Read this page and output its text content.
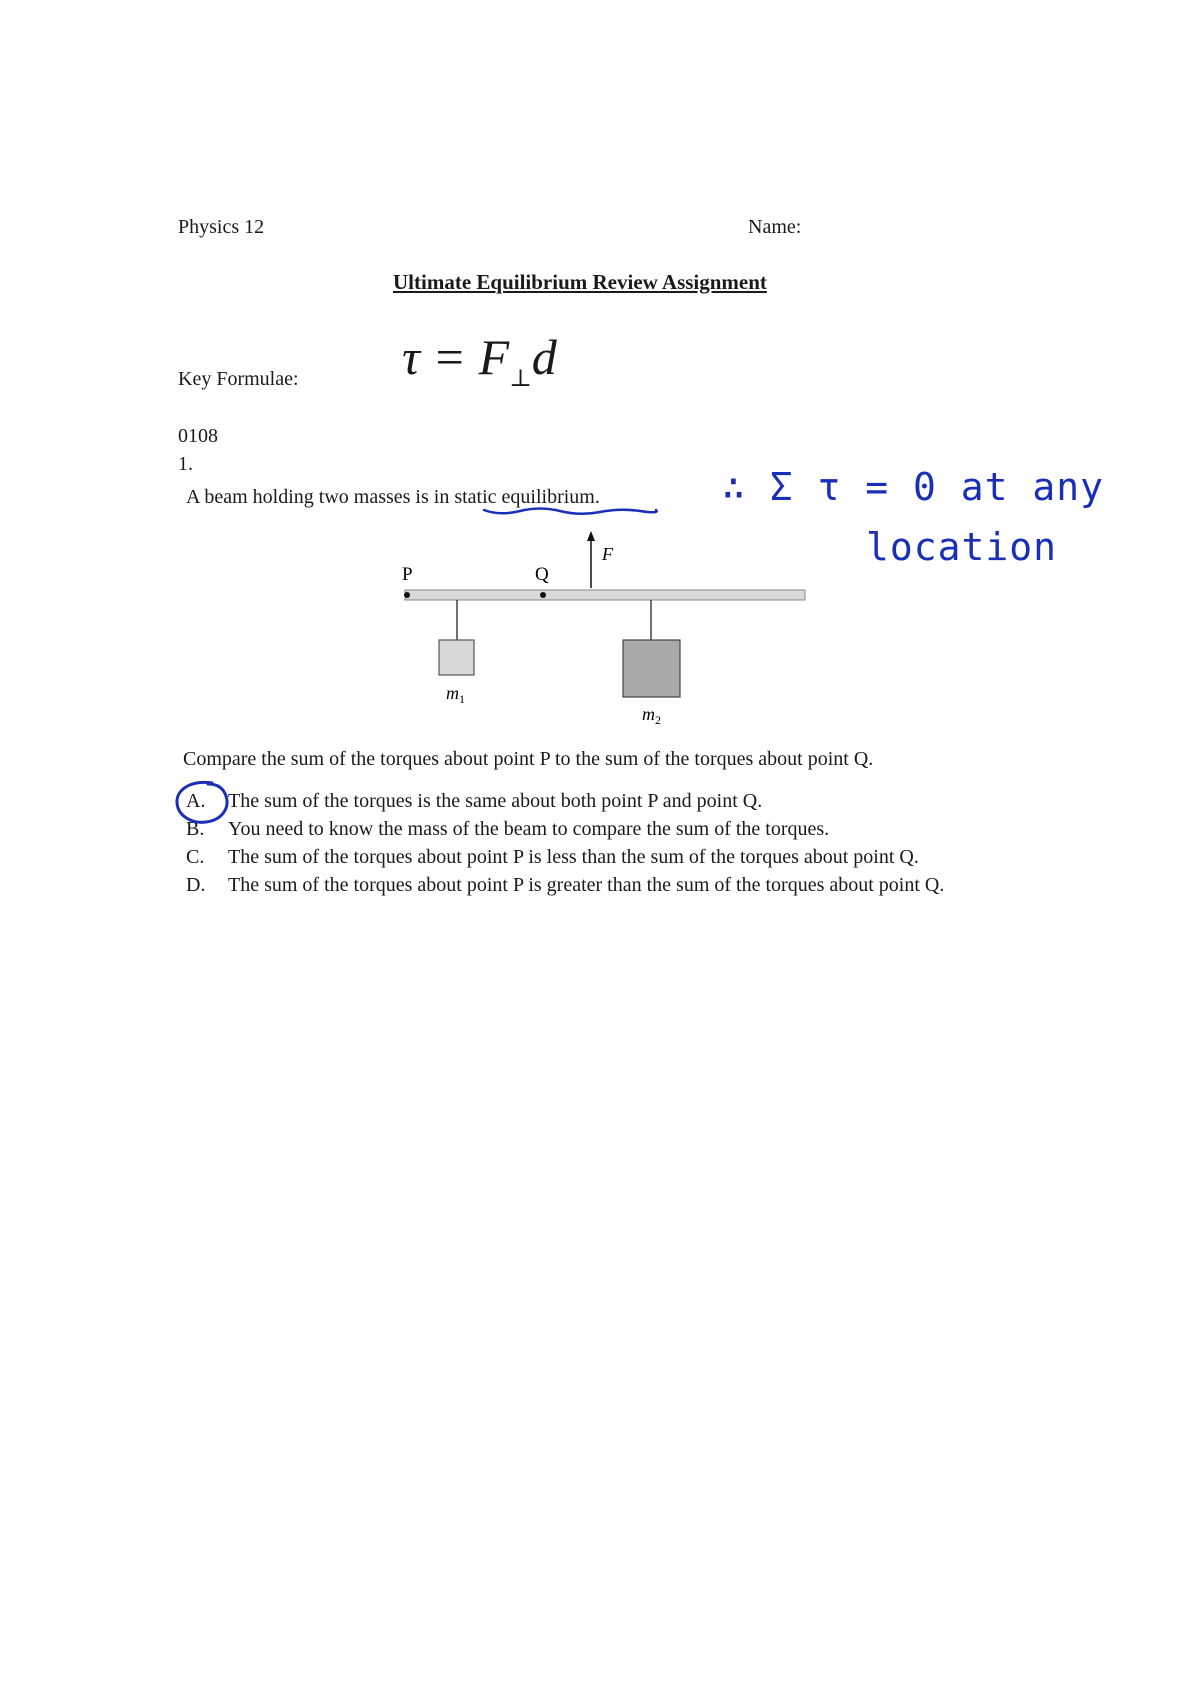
Physics 12	Name:
Ultimate Equilibrium Review Assignment
Key Formulae: $\tau = F_\perp d$
0108
1.
A beam holding two masses is in static equilibrium.	∴ Σ τ = 0 at any
location
P	Q
F
$m_1$
$m_2$
Compare the sum of the torques about point P to the sum of the torques about point Q.
A. The sum of the torques is the same about both point P and point Q.
B. You need to know the mass of the beam to compare the sum of the torques.
C. The sum of the torques about point P is less than the sum of the torques about point Q.
D. The sum of the torques about point P is greater than the sum of the torques about point Q.
